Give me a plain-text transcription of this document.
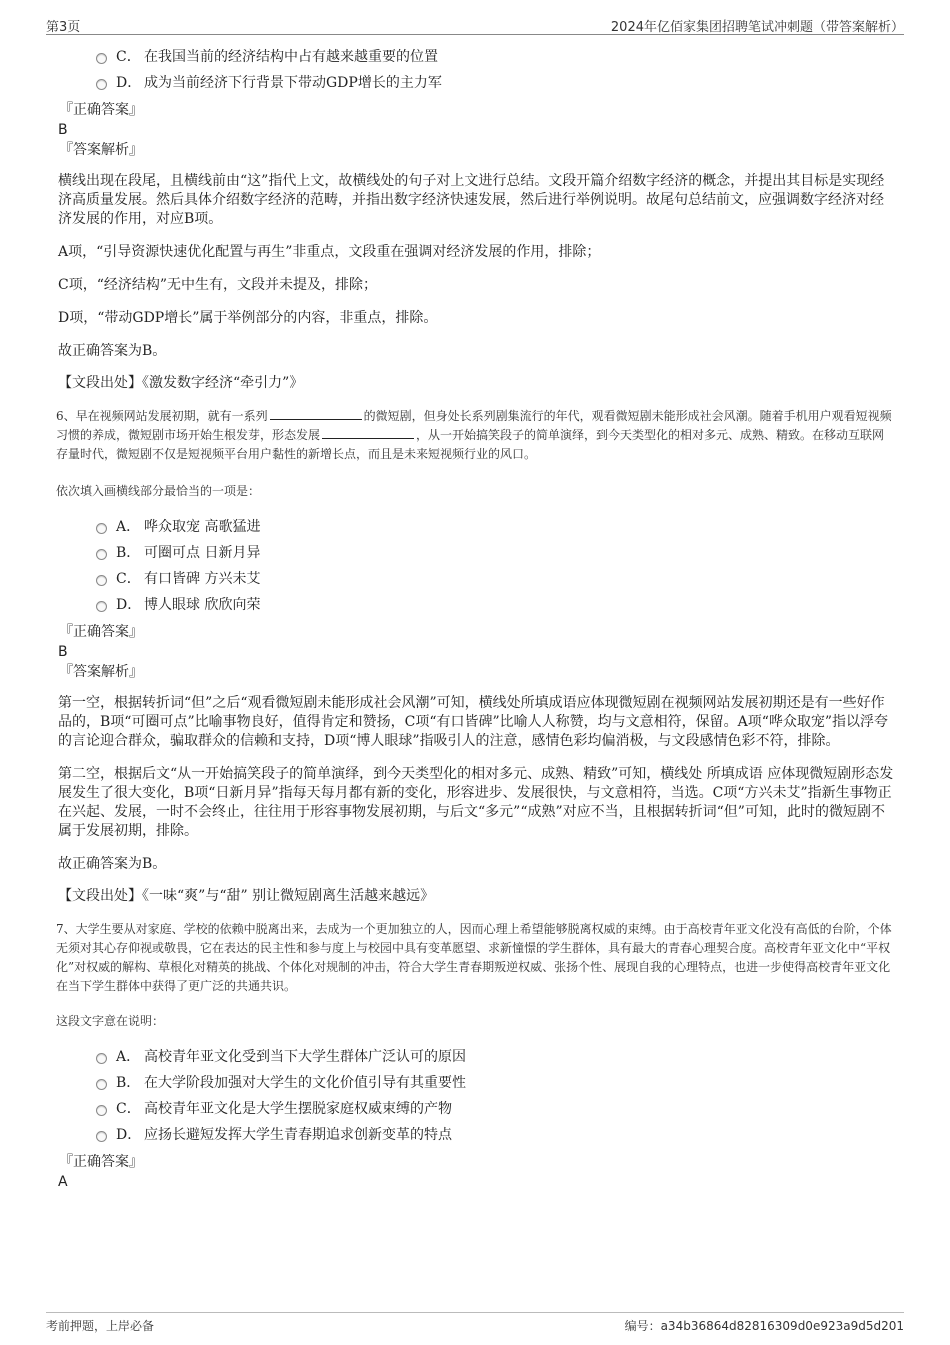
第3页	2024年亿佰家集团招聘笔试冲刺题（带答案解析）
C． 在我国当前的经济结构中占有越来越重要的位置
D． 成为当前经济下行背景下带动GDP增长的主力军
『正确答案』
B
『答案解析』

横线出现在段尾，且横线前由“这”指代上文，故横线处的句子对上文进行总结。文段开篇介绍数字经济的概念，并提出其目标是实现经济高质量发展。然后具体介绍数字经济的范畴，并指出数字经济快速发展，然后进行举例说明。故尾句总结前文，应强调数字经济对经济发展的作用，对应B项。

A项，“引导资源快速优化配置与再生”非重点，文段重在强调对经济发展的作用，排除；

C项，“经济结构”无中生有，文段并未提及，排除；

D项，“带动GDP增长”属于举例部分的内容，非重点，排除。

故正确答案为B。

【文段出处】《激发数字经济“牵引力”》
6、早在视频网站发展初期，就有一系列	的微短剧，但身处长系列剧集流行的年代，观看微短剧未能形成社会风潮。随着手机用户观看短视频习惯的养成，微短剧市场开始生根发芽，形态发展	，从一开始搞笑段子的简单演绎，到今天类型化的相对多元、成熟、精致。在移动互联网存量时代，微短剧不仅是短视频平台用户黏性的新增长点，而且是未来短视频行业的风口。
依次填入画横线部分最恰当的一项是：
A． 哗众取宠 高歌猛进
B． 可圈可点 日新月异
C． 有口皆碑 方兴未艾
D． 博人眼球 欣欣向荣
『正确答案』
B
『答案解析』

第一空，根据转折词“但”之后“观看微短剧未能形成社会风潮”可知，横线处所填成语应体现微短剧在视频网站发展初期还是有一些好作品的，B项“可圈可点”比喻事物良好，值得肯定和赞扬，C项“有口皆碑”比喻人人称赞，均与文意相符，保留。A项“哗众取宠”指以浮夸的言论迎合群众，骗取群众的信赖和支持，D项“博人眼球”指吸引人的注意，感情色彩均偏消极，与文段感情色彩不符，排除。

第二空，根据后文“从一开始搞笑段子的简单演绎，到今天类型化的相对多元、成熟、精致”可知，横线处 所填成语 应体现微短剧形态发展发生了很大变化，B项“日新月异”指每天每月都有新的变化，形容进步、发展很快，与文意相符，当选。C项“方兴未艾”指新生事物正在兴起、发展，一时不会终止，往往用于形容事物发展初期，与后文“多元”“成熟”对应不当，且根据转折词“但”可知，此时的微短剧不属于发展初期，排除。

故正确答案为B。

【文段出处】《一味“爽”与“甜” 别让微短剧离生活越来越远》
7、大学生要从对家庭、学校的依赖中脱离出来，去成为一个更加独立的人，因而心理上希望能够脱离权威的束缚。由于高校青年亚文化没有高低的台阶，个体无须对其心存仰视或敬畏，它在表达的民主性和参与度上与校园中具有变革愿望、求新憧憬的学生群体，具有最大的青春心理契合度。高校青年亚文化中“平权化”对权威的解构、草根化对精英的挑战、个体化对规制的冲击，符合大学生青春期叛逆权威、张扬个性、展现自我的心理特点，也进一步使得高校青年亚文化在当下学生群体中获得了更广泛的共通共识。
这段文字意在说明：
A． 高校青年亚文化受到当下大学生群体广泛认可的原因
B． 在大学阶段加强对大学生的文化价值引导有其重要性
C． 高校青年亚文化是大学生摆脱家庭权威束缚的产物
D． 应扬长避短发挥大学生青春期追求创新变革的特点
『正确答案』
A
考前押题，上岸必备	编号：a34b36864d82816309d0e923a9d5d201
